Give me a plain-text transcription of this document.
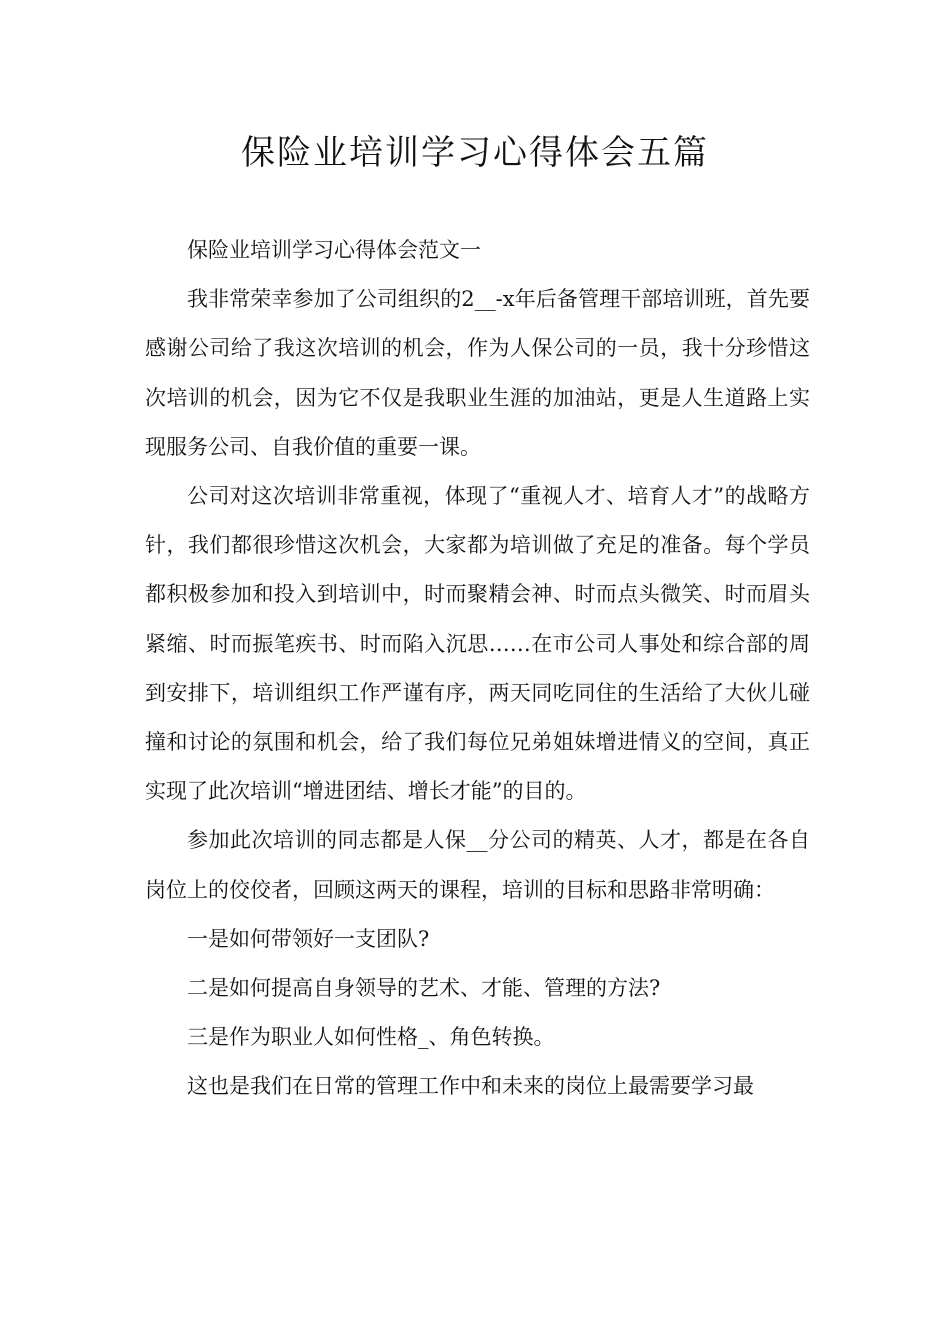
保险业培训学习心得体会五篇

保险业培训学习心得体会范文一

我非常荣幸参加了公司组织的2__-x年后备管理干部培训班，首先要感谢公司给了我这次培训的机会，作为人保公司的一员，我十分珍惜这次培训的机会，因为它不仅是我职业生涯的加油站，更是人生道路上实现服务公司、自我价值的重要一课。

公司对这次培训非常重视，体现了“重视人才、培育人才”的战略方针，我们都很珍惜这次机会，大家都为培训做了充足的准备。每个学员都积极参加和投入到培训中，时而聚精会神、时而点头微笑、时而眉头紧缩、时而振笔疾书、时而陷入沉思……在市公司人事处和综合部的周到安排下，培训组织工作严谨有序，两天同吃同住的生活给了大伙儿碰撞和讨论的氛围和机会，给了我们每位兄弟姐妹增进情义的空间，真正实现了此次培训“增进团结、增长才能”的目的。

参加此次培训的同志都是人保__分公司的精英、人才，都是在各自岗位上的佼佼者，回顾这两天的课程，培训的目标和思路非常明确：

一是如何带领好一支团队?

二是如何提高自身领导的艺术、才能、管理的方法?

三是作为职业人如何性格_、角色转换。

这也是我们在日常的管理工作中和未来的岗位上最需要学习最
